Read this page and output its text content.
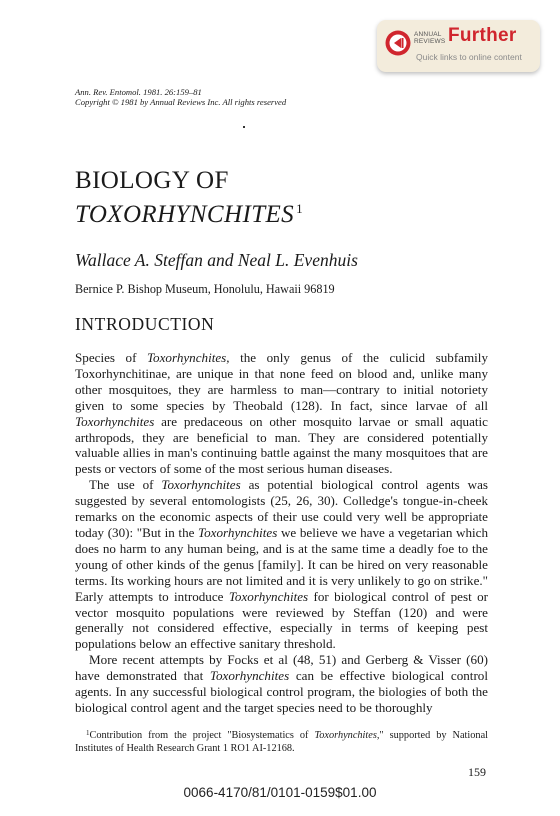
ANNUAL
REVIEWS Further
Quick links to online content
Ann. Rev. Entomol. 1981. 26:159–81
Copyright © 1981 by Annual Reviews Inc. All rights reserved
BIOLOGY OF
TOXORHYNCHITES $^1$
Wallace A. Steffan and Neal L. Evenhuis
Bernice P. Bishop Museum, Honolulu, Hawaii 96819
INTRODUCTION

Species of Toxorhynchites, the only genus of the culicid subfamily Toxorhynchitinae, are unique in that none feed on blood and, unlike many other mosquitoes, they are harmless to man—contrary to initial notoriety given to some species by Theobald (128). In fact, since larvae of all Toxorhynchites are predaceous on other mosquito larvae or small aquatic arthropods, they are beneficial to man. They are considered potentially valuable allies in man's continuing battle against the many mosquitoes that are pests or vectors of some of the most serious human diseases.

The use of Toxorhynchites as potential biological control agents was suggested by several entomologists (25, 26, 30). Colledge's tongue-in-cheek remarks on the economic aspects of their use could very well be appropriate today (30): "But in the Toxorhynchites we believe we have a vegetarian which does no harm to any human being, and is at the same time a deadly foe to the young of other kinds of the genus [family]. It can be hired on very reasonable terms. Its working hours are not limited and it is very unlikely to go on strike." Early attempts to introduce Toxorhynchites for biological control of pest or vector mosquito populations were reviewed by Steffan (120) and were generally not considered effective, especially in terms of keeping pest populations below an effective sanitary threshold.

More recent attempts by Focks et al (48, 51) and Gerberg & Visser (60) have demonstrated that Toxorhynchites can be effective biological control agents. In any successful biological control program, the biologies of both the biological control agent and the target species need to be thoroughly

$^1$Contribution from the project "Biosystematics of Toxorhynchites," supported by National Institutes of Health Research Grant 1 RO1 AI-12168.
159
0066-4170/81/0101-0159$01.00
